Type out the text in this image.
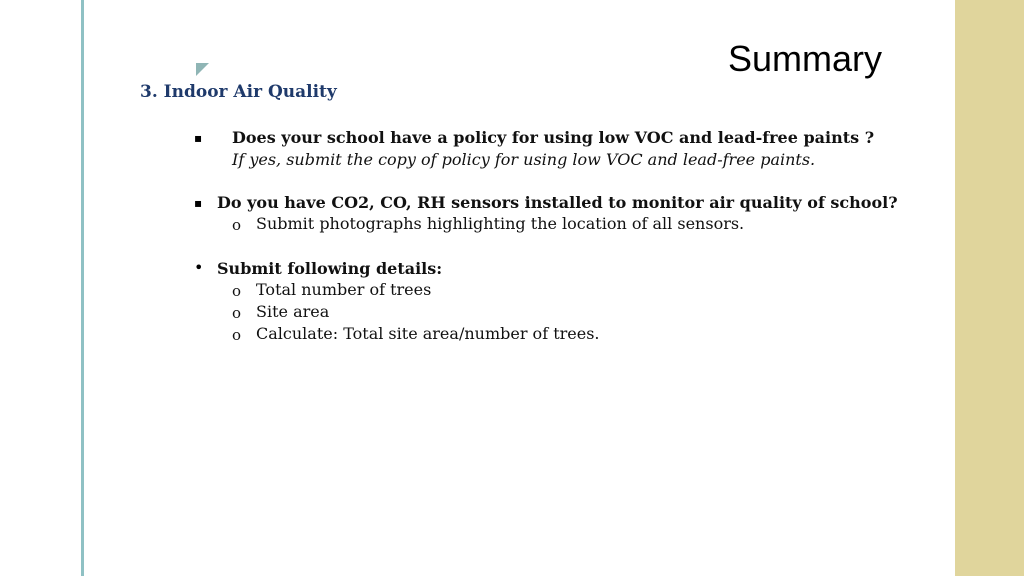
Summary
3. Indoor Air Quality
▪ Does your school have a policy for using low VOC and lead-free paints ?
If yes, submit the copy of policy for using low VOC and lead-free paints.
▪ Do you have CO2, CO, RH sensors installed to monitor air quality of school?
o Submit photographs highlighting the location of all sensors.
• Submit following details:
o Total number of trees
o Site area
o Calculate: Total site area/number of trees.
